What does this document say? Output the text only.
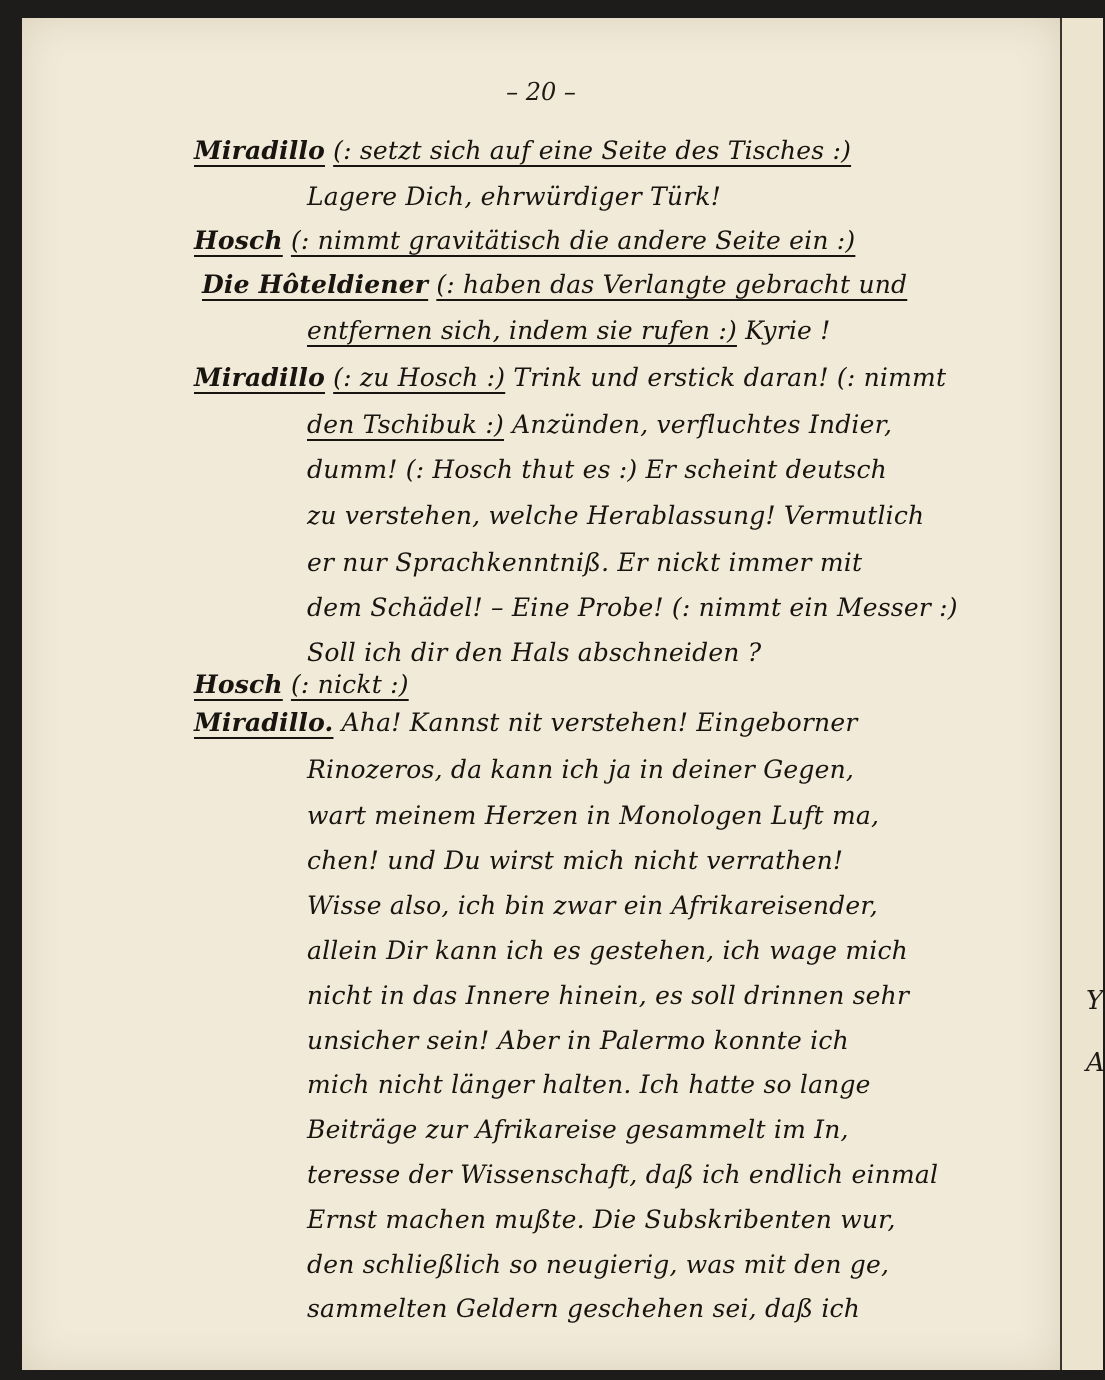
– 20 –
Miradillo (: setzt sich auf eine Seite des Tisches :)
Lagere Dich, ehrwürdiger Türk!
Hosch (: nimmt gravitätisch die andere Seite ein :)
Die Hôteldiener (: haben das Verlangte gebracht und
entfernen sich, indem sie rufen :) Kyrie !
Miradillo (: zu Hosch :) Trink und erstick daran! (: nimmt
den Tschibuk :) Anzünden, verfluchtes Indier,
dumm! (: Hosch thut es :) Er scheint deutsch
zu verstehen, welche Herablassung! Vermutlich
er nur Sprachkenntniß. Er nickt immer mit
dem Schädel! – Eine Probe! (: nimmt ein Messer :)
Soll ich dir den Hals abschneiden ?
Hosch (: nickt :)
Miradillo. Aha! Kannst nit verstehen! Eingeborner
Rinozeros, da kann ich ja in deiner Gegen,
wart meinem Herzen in Monologen Luft ma,
chen! und Du wirst mich nicht verrathen!
Wisse also, ich bin zwar ein Afrikareisender,
allein Dir kann ich es gestehen, ich wage mich
nicht in das Innere hinein, es soll drinnen sehr
unsicher sein! Aber in Palermo konnte ich
mich nicht länger halten. Ich hatte so lange
Beiträge zur Afrikareise gesammelt im In,
teresse der Wissenschaft, daß ich endlich einmal
Ernst machen mußte. Die Subskribenten wur,
den schließlich so neugierig, was mit den ge,
sammelten Geldern geschehen sei, daß ich
Y
A
